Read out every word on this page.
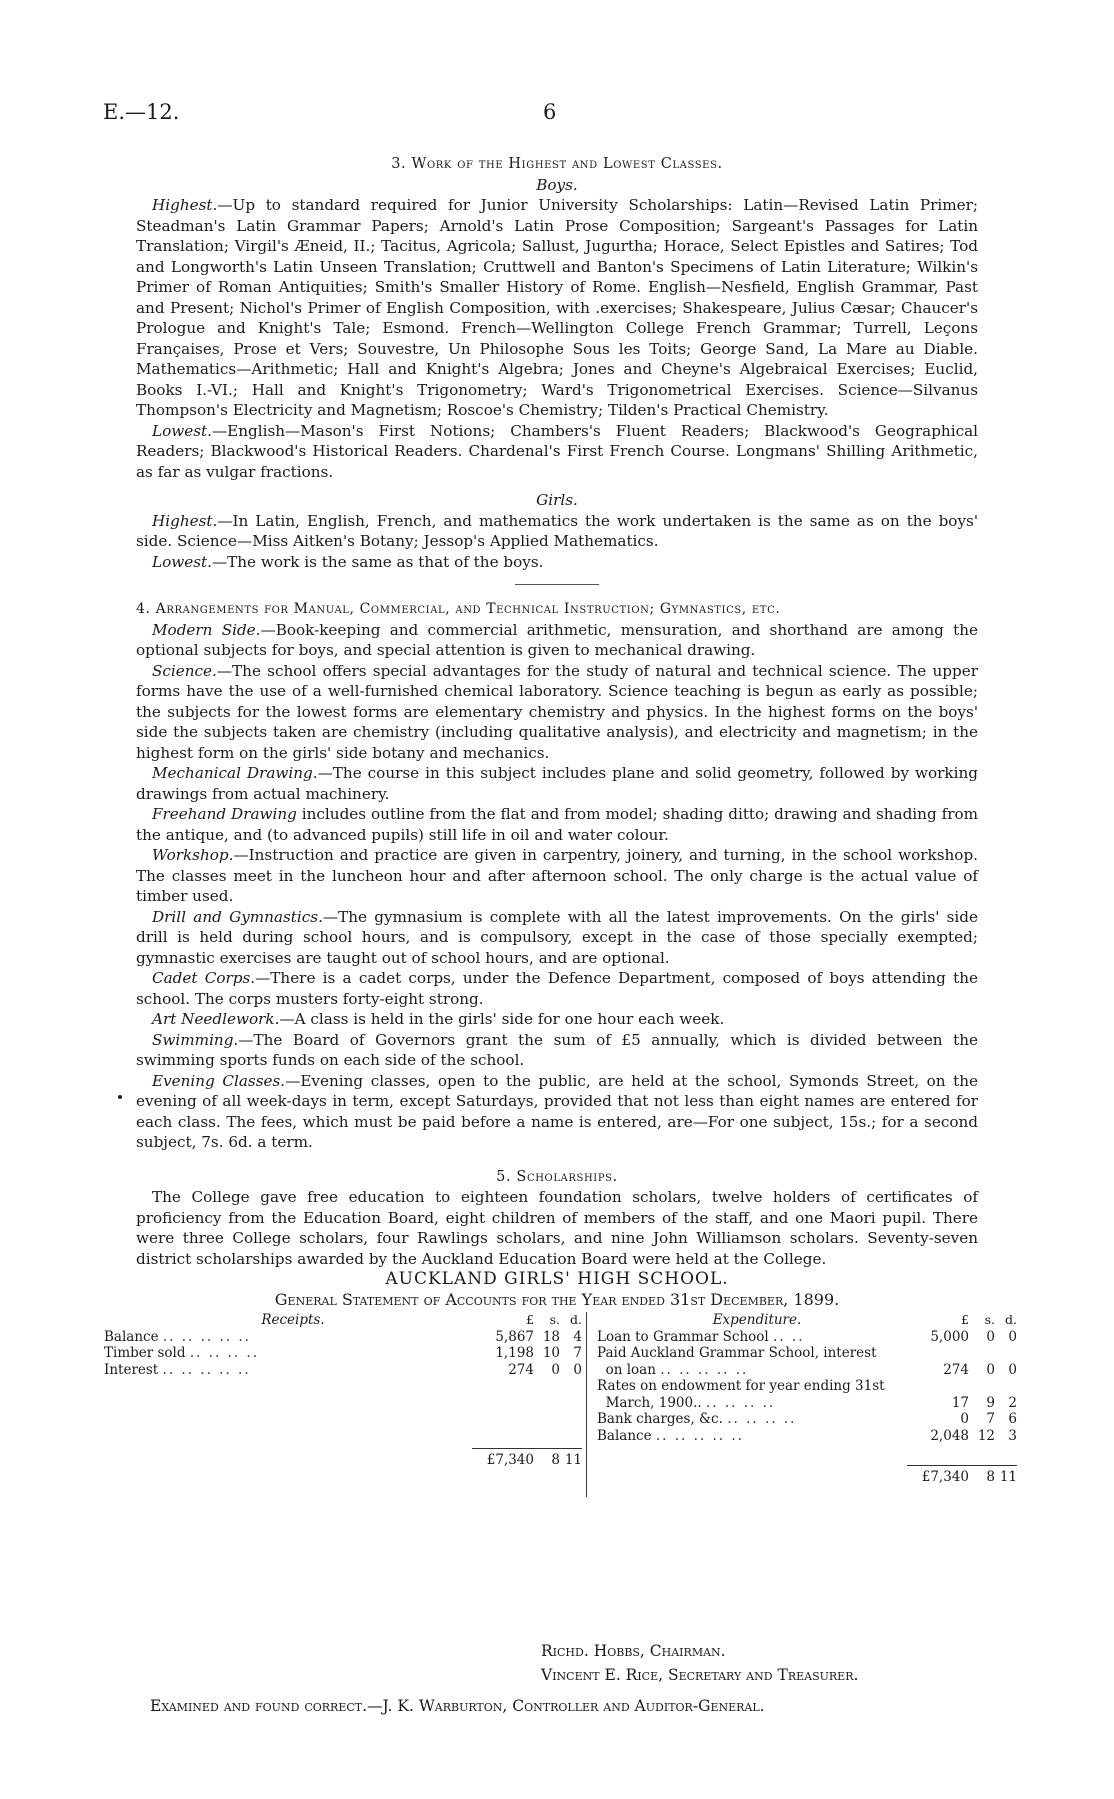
E.—12.	6

3. Work of the Highest and Lowest Classes.

Boys.

Highest.—Up to standard required for Junior University Scholarships: Latin—Revised Latin Primer; Steadman's Latin Grammar Papers; Arnold's Latin Prose Composition; Sargeant's Passages for Latin Translation; Virgil's Æneid, II.; Tacitus, Agricola; Sallust, Jugurtha; Horace, Select Epistles and Satires; Tod and Longworth's Latin Unseen Translation; Cruttwell and Banton's Specimens of Latin Literature; Wilkin's Primer of Roman Antiquities; Smith's Smaller History of Rome. English—Nesfield, English Grammar, Past and Present; Nichol's Primer of English Composition, with .exercises; Shakespeare, Julius Cæsar; Chaucer's Prologue and Knight's Tale; Esmond. French—Wellington College French Grammar; Turrell, Leçons Françaises, Prose et Vers; Souvestre, Un Philosophe Sous les Toits; George Sand, La Mare au Diable. Mathematics—Arithmetic; Hall and Knight's Algebra; Jones and Cheyne's Algebraical Exercises; Euclid, Books I.-VI.; Hall and Knight's Trigonometry; Ward's Trigonometrical Exercises. Science—Silvanus Thompson's Electricity and Magnetism; Roscoe's Chemistry; Tilden's Practical Chemistry.

Lowest.—English—Mason's First Notions; Chambers's Fluent Readers; Blackwood's Geographical Readers; Blackwood's Historical Readers. Chardenal's First French Course. Longmans' Shilling Arithmetic, as far as vulgar fractions.

Girls.

Highest.—In Latin, English, French, and mathematics the work undertaken is the same as on the boys' side. Science—Miss Aitken's Botany; Jessop's Applied Mathematics.

Lowest.—The work is the same as that of the boys.

4. Arrangements for Manual, Commercial, and Technical Instruction; Gymnastics, etc.

Modern Side.—Book-keeping and commercial arithmetic, mensuration, and shorthand are among the optional subjects for boys, and special attention is given to mechanical drawing.

Science.—The school offers special advantages for the study of natural and technical science. The upper forms have the use of a well-furnished chemical laboratory. Science teaching is begun as early as possible; the subjects for the lowest forms are elementary chemistry and physics. In the highest forms on the boys' side the subjects taken are chemistry (including qualitative analysis), and electricity and magnetism; in the highest form on the girls' side botany and mechanics.

Mechanical Drawing.—The course in this subject includes plane and solid geometry, followed by working drawings from actual machinery.

Freehand Drawing includes outline from the flat and from model; shading ditto; drawing and shading from the antique, and (to advanced pupils) still life in oil and water colour.

Workshop.—Instruction and practice are given in carpentry, joinery, and turning, in the school workshop. The classes meet in the luncheon hour and after afternoon school. The only charge is the actual value of timber used.

Drill and Gymnastics.—The gymnasium is complete with all the latest improvements. On the girls' side drill is held during school hours, and is compulsory, except in the case of those specially exempted; gymnastic exercises are taught out of school hours, and are optional.

Cadet Corps.—There is a cadet corps, under the Defence Department, composed of boys attending the school. The corps musters forty-eight strong.

Art Needlework.—A class is held in the girls' side for one hour each week.

Swimming.—The Board of Governors grant the sum of £5 annually, which is divided between the swimming sports funds on each side of the school.

Evening Classes.—Evening classes, open to the public, are held at the school, Symonds Street, on the evening of all week-days in term, except Saturdays, provided that not less than eight names are entered for each class. The fees, which must be paid before a name is entered, are—For one subject, 15s.; for a second subject, 7s. 6d. a term.

5. Scholarships.

The College gave free education to eighteen foundation scholars, twelve holders of certificates of proficiency from the Education Board, eight children of members of the staff, and one Maori pupil. There were three College scholars, four Rawlings scholars, and nine John Williamson scholars. Seventy-seven district scholarships awarded by the Auckland Education Board were held at the College.

AUCKLAND GIRLS' HIGH SCHOOL.

General Statement of Accounts for the Year ended 31st December, 1899.

Receipts.	£	s. d.
Balance .. .. .. .. ..	5,867 18 4
Timber sold .. .. .. ..	1,198 10 7
Interest .. .. .. .. ..	274	0 0
£7,340	8 11
Expenditure.	£	s. d.
Loan to Grammar School .. ..	5,000	0 0
Paid Auckland Grammar School, interest
on loan .. .. .. .. ..	274	0 0
Rates on endowment for year ending 31st
March, 1900.. .. .. .. ..	17	9 2
Bank charges, &c. .. .. .. ..	0	7 6
Balance .. .. .. .. ..	2,048 12 3
£7,340	8 11
Richd. Hobbs, Chairman.
Vincent E. Rice, Secretary and Treasurer.
Examined and found correct.—J. K. Warburton, Controller and Auditor-General.
